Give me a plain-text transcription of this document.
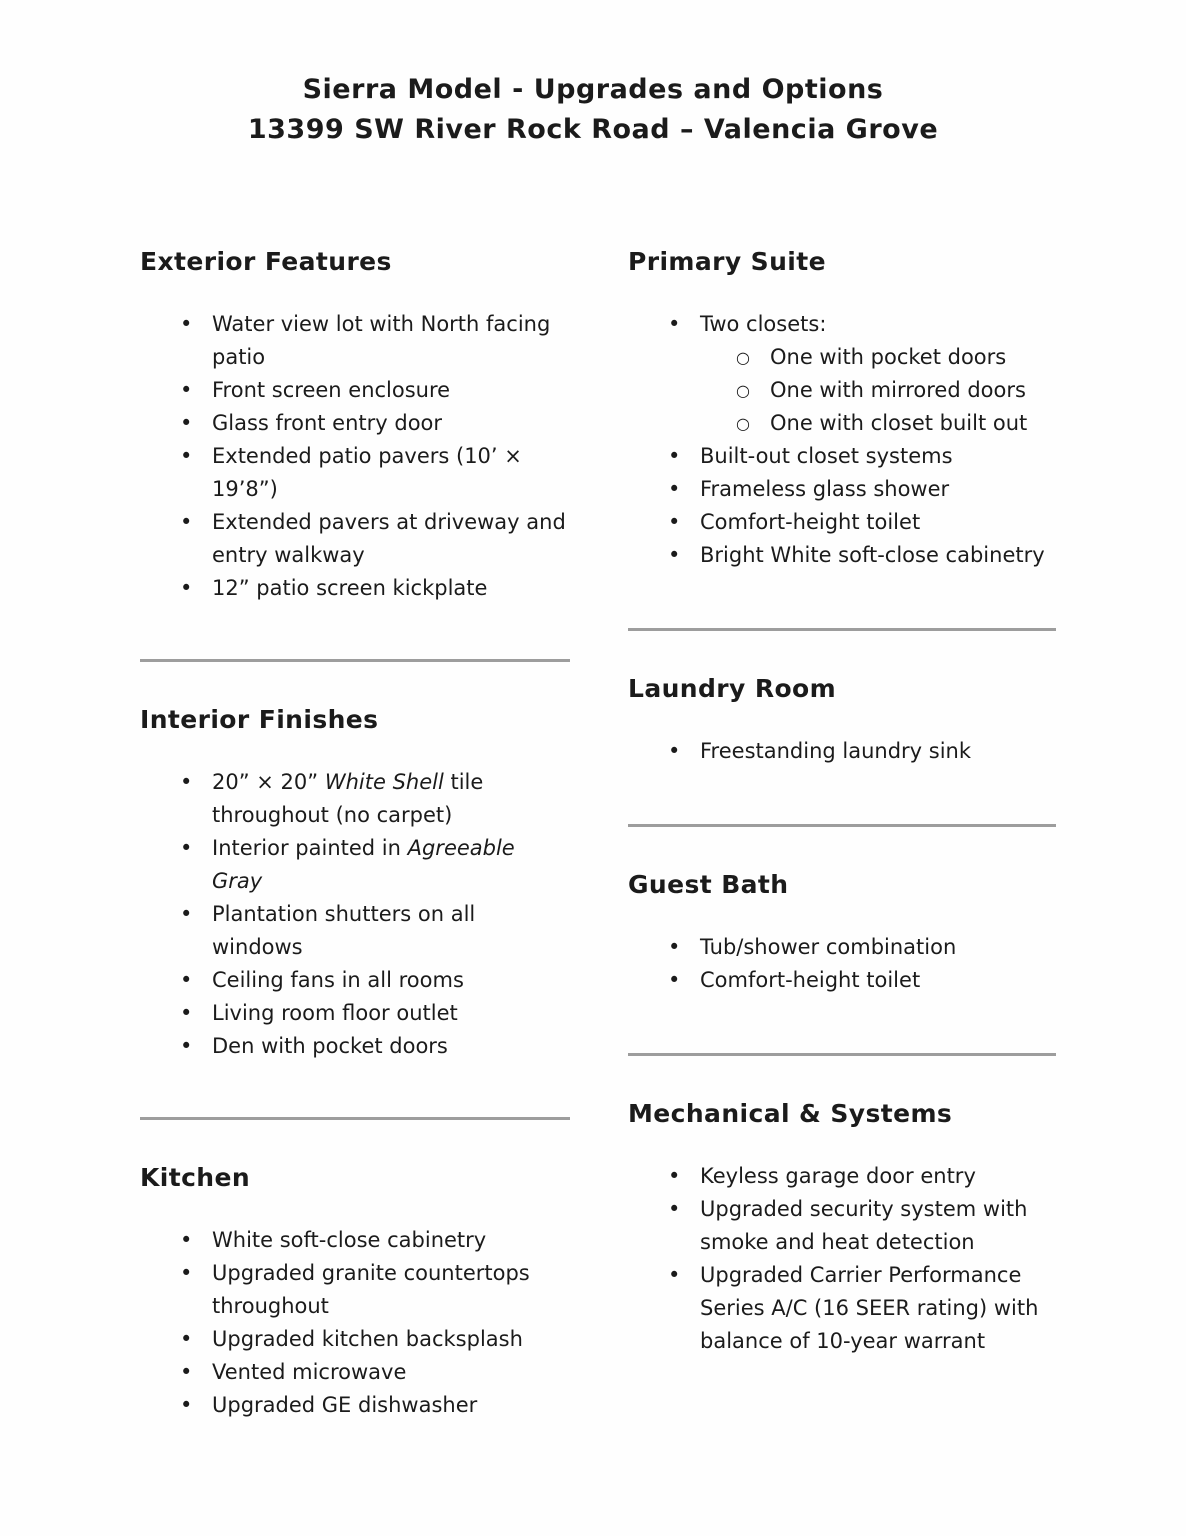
Sierra Model - Upgrades and Options
13399 SW River Rock Road – Valencia Grove
Exterior Features
• Water view lot with North facing patio
• Front screen enclosure
• Glass front entry door
• Extended patio pavers (10’ × 19’8”)
• Extended pavers at driveway and entry walkway
• 12” patio screen kickplate
Interior Finishes
• 20” × 20” White Shell tile throughout (no carpet)
• Interior painted in Agreeable Gray
• Plantation shutters on all windows
• Ceiling fans in all rooms
• Living room floor outlet
• Den with pocket doors
Kitchen
• White soft-close cabinetry
• Upgraded granite countertops throughout
• Upgraded kitchen backsplash
• Vented microwave
• Upgraded GE dishwasher
Primary Suite
• Two closets:
○ One with pocket doors
○ One with mirrored doors
○ One with closet built out
• Built-out closet systems
• Frameless glass shower
• Comfort-height toilet
• Bright White soft-close cabinetry
Laundry Room
• Freestanding laundry sink
Guest Bath
• Tub/shower combination
• Comfort-height toilet
Mechanical & Systems
• Keyless garage door entry
• Upgraded security system with smoke and heat detection
• Upgraded Carrier Performance Series A/C (16 SEER rating) with balance of 10-year warrant
